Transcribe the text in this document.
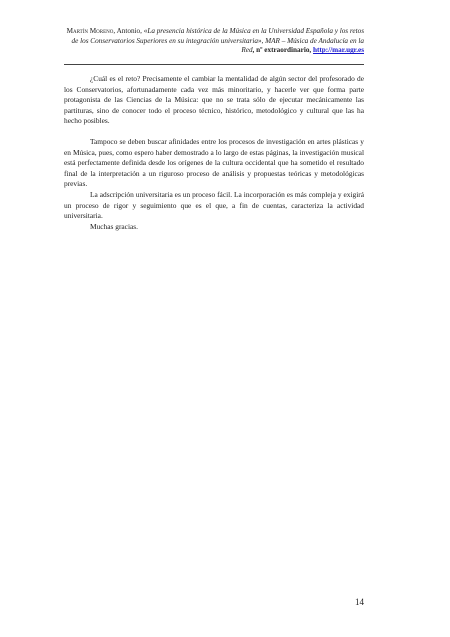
Martín Moreno, Antonio, «La presencia histórica de la Música en la Universidad Española y los retos de los Conservatorios Superiores en su integración universitaria», MAR – Música de Andalucía en la Red, nº extraordinario, http://mar.ugr.es

¿Cuál es el reto? Precisamente el cambiar la mentalidad de algún sector del profesorado de los Conservatorios, afortunadamente cada vez más minoritario, y hacerle ver que forma parte protagonista de las Ciencias de la Música: que no se trata sólo de ejecutar mecánicamente las partituras, sino de conocer todo el proceso técnico, histórico, metodológico y cultural que las ha hecho posibles.

Tampoco se deben buscar afinidades entre los procesos de investigación en artes plásticas y en Música, pues, como espero haber demostrado a lo largo de estas páginas, la investigación musical está perfectamente definida desde los orígenes de la cultura occidental que ha sometido el resultado final de la interpretación a un riguroso proceso de análisis y propuestas teóricas y metodológicas previas.

La adscripción universitaria es un proceso fácil. La incorporación es más compleja y exigirá un proceso de rigor y seguimiento que es el que, a fin de cuentas, caracteriza la actividad universitaria.

Muchas gracias.

14
